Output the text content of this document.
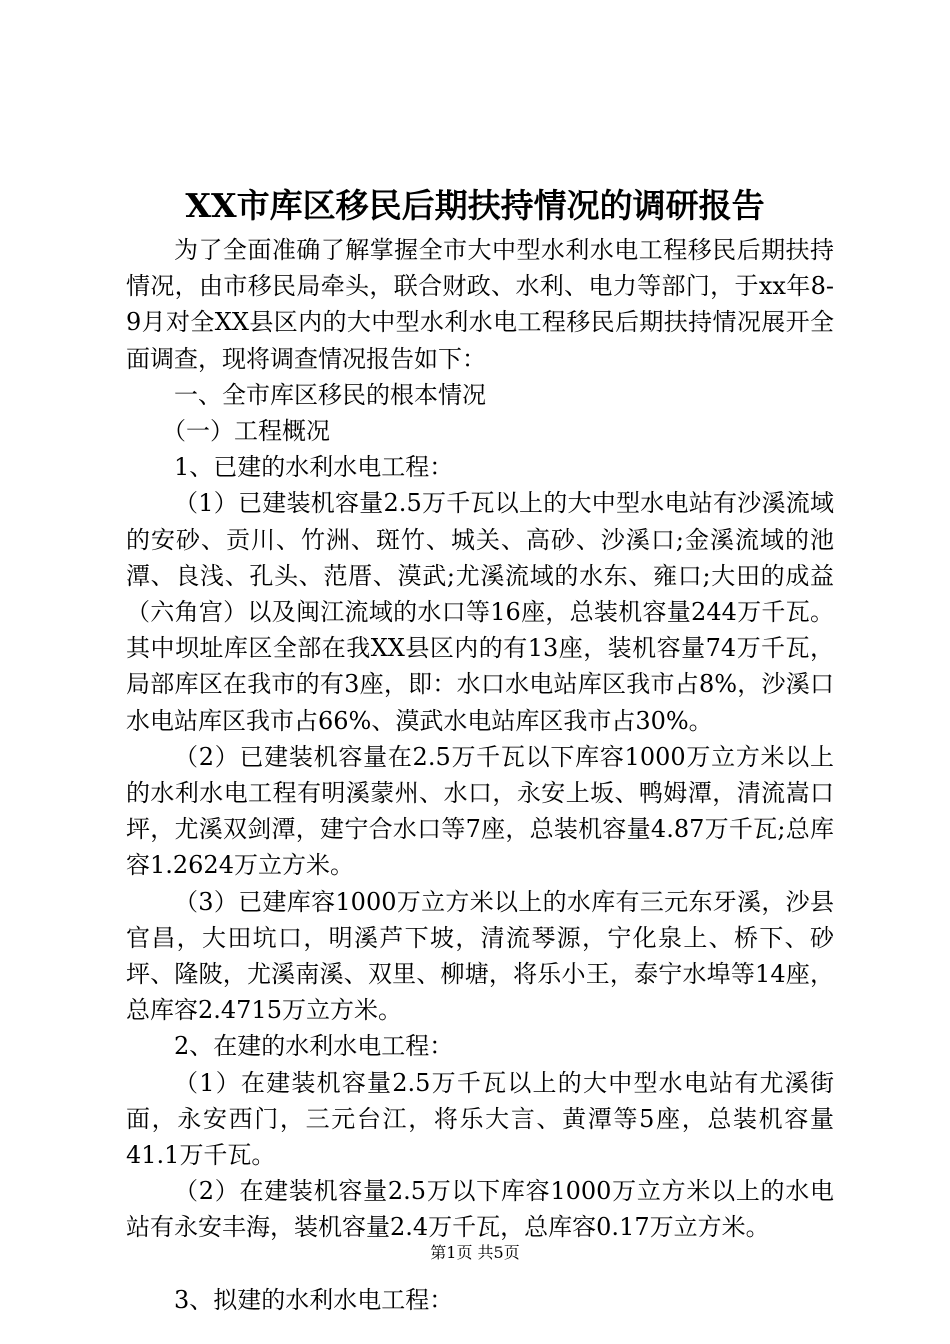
XX市库区移民后期扶持情况的调研报告

为了全面准确了解掌握全市大中型水利水电工程移民后期扶持情况，由市移民局牵头，联合财政、水利、电力等部门，于xx年8-9月对全XX县区内的大中型水利水电工程移民后期扶持情况展开全面调查，现将调查情况报告如下：

一、全市库区移民的根本情况

（一）工程概况

1、已建的水利水电工程：

（1）已建装机容量2.5万千瓦以上的大中型水电站有沙溪流域的安砂、贡川、竹洲、斑竹、城关、高砂、沙溪口;金溪流域的池潭、良浅、孔头、范厝、漠武;尤溪流域的水东、雍口;大田的成益（六角宫）以及闽江流域的水口等16座，总装机容量244万千瓦。其中坝址库区全部在我XX县区内的有13座，装机容量74万千瓦，局部库区在我市的有3座，即：水口水电站库区我市占8%，沙溪口水电站库区我市占66%、漠武水电站库区我市占30%。

（2）已建装机容量在2.5万千瓦以下库容1000万立方米以上的水利水电工程有明溪蒙州、水口，永安上坂、鸭姆潭，清流嵩口坪，尤溪双剑潭，建宁合水口等7座，总装机容量4.87万千瓦;总库容1.2624万立方米。

（3）已建库容1000万立方米以上的水库有三元东牙溪，沙县官昌，大田坑口，明溪芦下坡，清流琴源，宁化泉上、桥下、砂坪、隆陂，尤溪南溪、双里、柳塘，将乐小王，泰宁水埠等14座，总库容2.4715万立方米。

2、在建的水利水电工程：

（1）在建装机容量2.5万千瓦以上的大中型水电站有尤溪街面，永安西门，三元台江，将乐大言、黄潭等5座，总装机容量41.1万千瓦。

（2）在建装机容量2.5万以下库容1000万立方米以上的水电站有永安丰海，装机容量2.4万千瓦，总库容0.17万立方米。

3、拟建的水利水电工程：

第1页 共5页
